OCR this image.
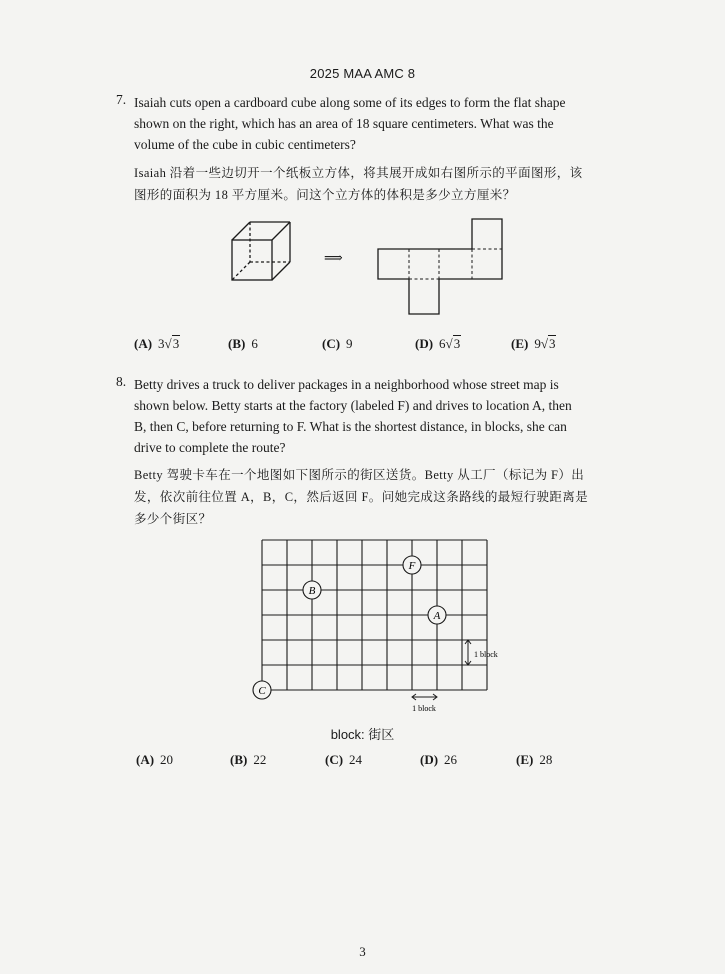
2025 MAA AMC 8
7. Isaiah cuts open a cardboard cube along some of its edges to form the flat shape
shown on the right, which has an area of 18 square centimeters. What was the
volume of the cube in cubic centimeters?
Isaiah 沿着一些边切开一个纸板立方体，将其展开成如右图所示的平面图形，该
图形的面积为 18 平方厘米。问这个立方体的体积是多少立方厘米？
⟹
(A) 3√3	(B) 6	(C) 9	(D) 6√3	(E) 9√3
8. Betty drives a truck to deliver packages in a neighborhood whose street map is
shown below. Betty starts at the factory (labeled F) and drives to location A, then
B, then C, before returning to F. What is the shortest distance, in blocks, she can
drive to complete the route?
Betty 驾驶卡车在一个地图如下图所示的街区送货。Betty 从工厂（标记为 F）出
发，依次前往位置 A，B，C，然后返回 F。问她完成这条路线的最短行驶距离是
多少个街区？
F
B
A
C
1 block
1 block
block: 街区
(A) 20	(B) 22	(C) 24	(D) 26	(E) 28
3
